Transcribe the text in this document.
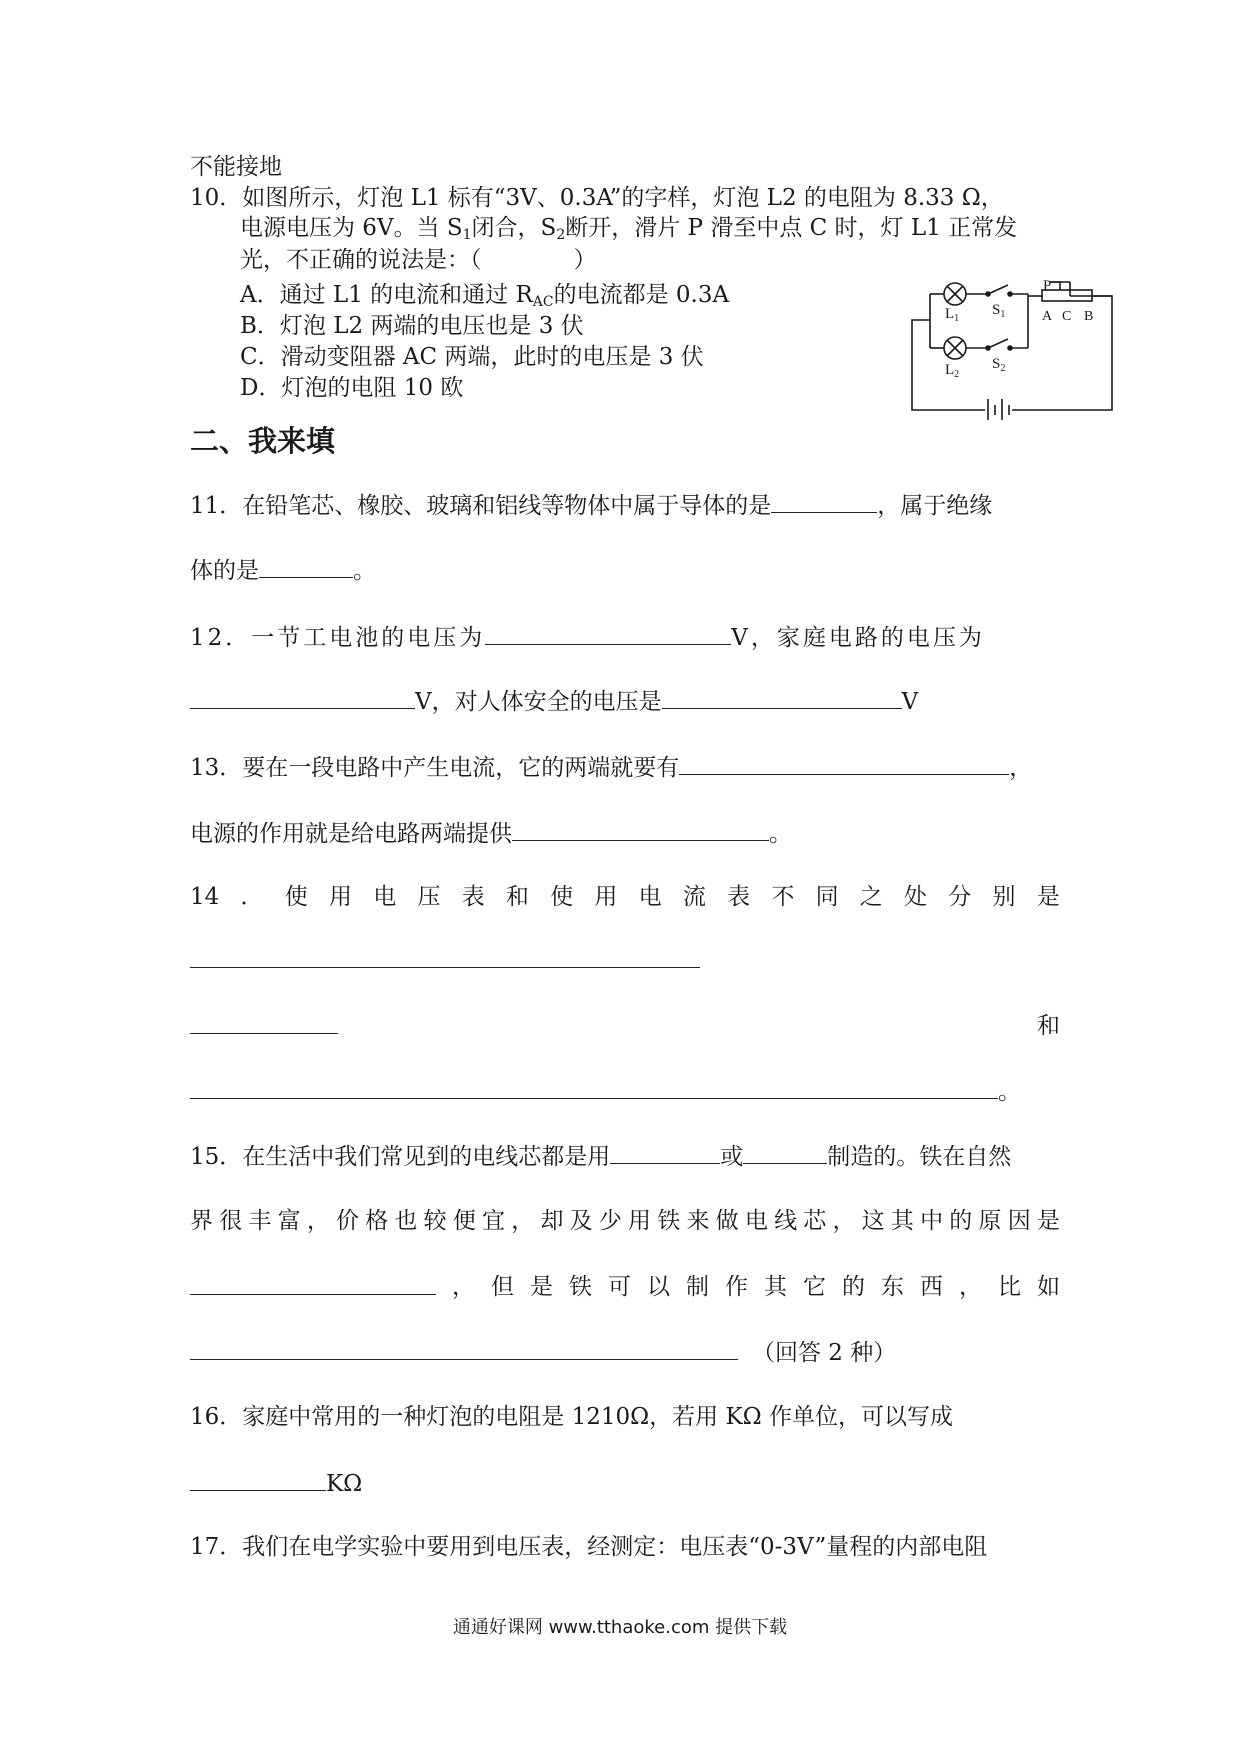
不能接地
10．如图所示，灯泡 L1 标有“3V、0.3A”的字样，灯泡 L2 的电阻为 8.33 Ω，
电源电压为 6V。当 $S_1$闭合，$S_2$断开，滑片 P 滑至中点 C 时，灯 L1 正常发
光，不正确的说法是：（　　　　）
A．通过 L1 的电流和通过 $R_{AC}$的电流都是 0.3A
B．灯泡 L2 两端的电压也是 3 伏
C．滑动变阻器 AC 两端，此时的电压是 3 伏
D．灯泡的电阻 10 欧
$L_1$
$L_2$
$S_1$
$S_2$
P
A C B
二、我来填
11．在铅笔芯、橡胶、玻璃和铝线等物体中属于导体的是	，属于绝缘
体的是	。
12．一节工电池的电压为	V，家庭电路的电压为
V，对人体安全的电压是	V
13．要在一段电路中产生电流，它的两端就要有	，
电源的作用就是给电路两端提供	。
14 ． 使 用 电 压 表 和 使 用 电 流 表 不 同 之 处 分 别 是
和
。
15．在生活中我们常见到的电线芯都是用	或	制造的。铁在自然
界 很 丰 富 ， 价 格 也 较 便 宜 ， 却 及 少 用 铁 来 做 电 线 芯 ， 这 其 中 的 原 因 是
， 但 是 铁 可 以 制 作 其 它 的 东 西 ， 比 如
（回答 2 种）
16．家庭中常用的一种灯泡的电阻是 1210Ω，若用 KΩ 作单位，可以写成
KΩ
17．我们在电学实验中要用到电压表，经测定：电压表“0-3V”量程的内部电阻
通通好课网 www.tthaoke.com 提供下载
